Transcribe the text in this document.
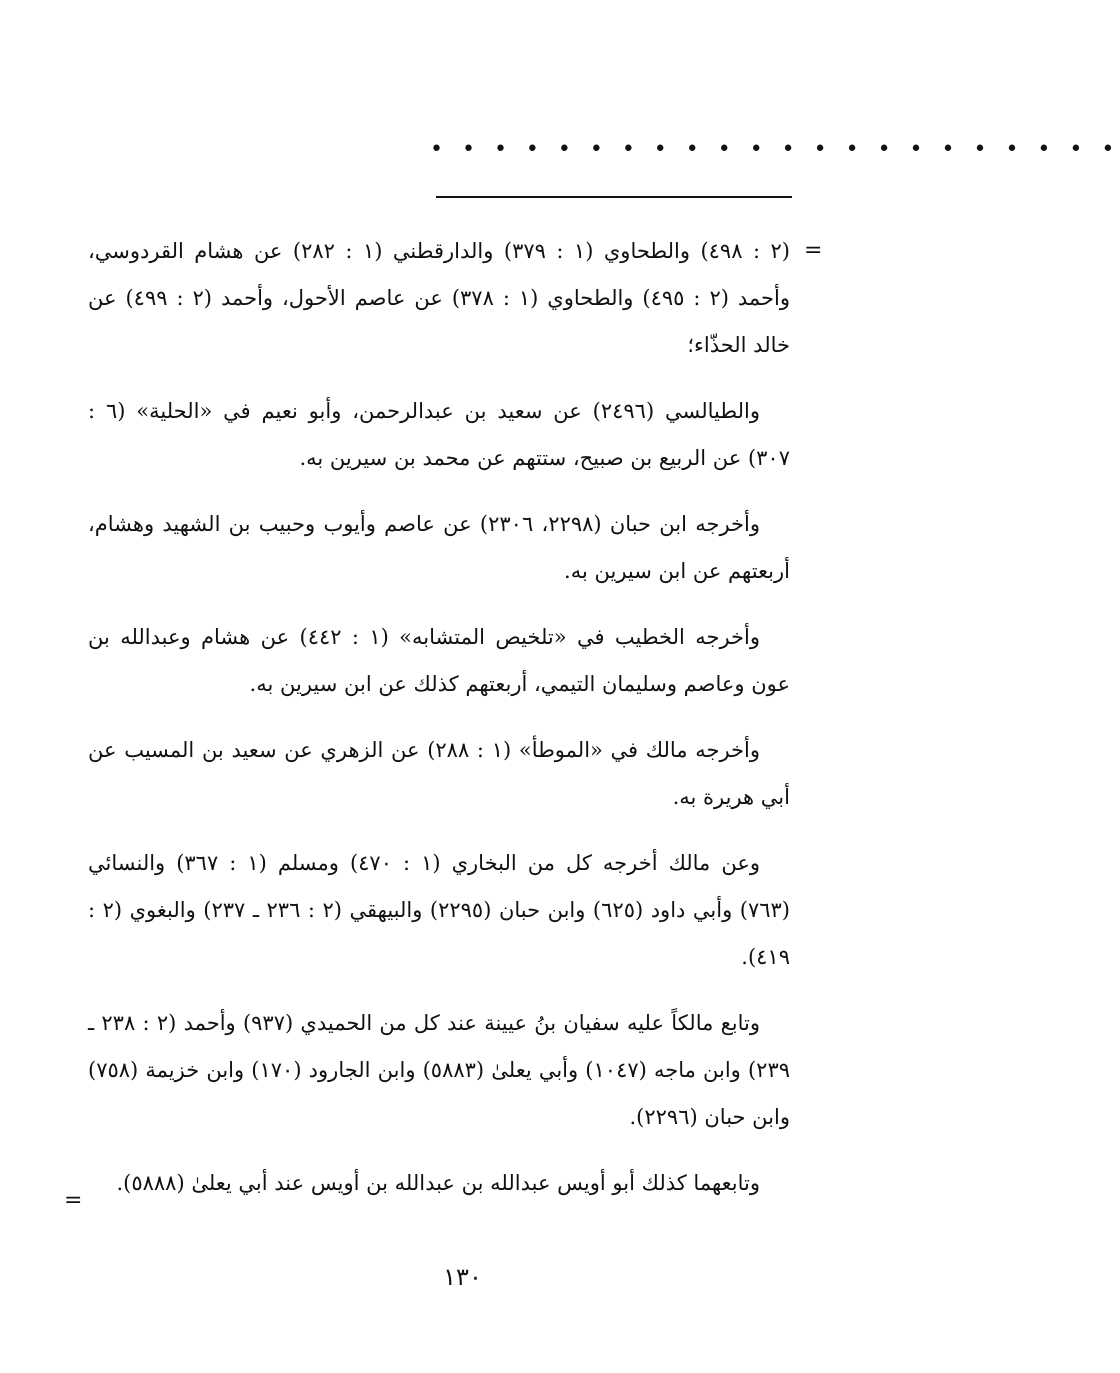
• • • • • • • • • • • • • • • • • • • • • •
=

(٢ : ٤٩٨) والطحاوي (١ : ٣٧٩) والدارقطني (١ : ٢٨٢) عن هشام القردوسي، وأحمد (٢ : ٤٩٥) والطحاوي (١ : ٣٧٨) عن عاصم الأحول، وأحمد (٢ : ٤٩٩) عن خالد الحذّاء؛

والطيالسي (٢٤٩٦) عن سعيد بن عبدالرحمن، وأبو نعيم في «الحلية» (٦ : ٣٠٧) عن الربيع بن صبيح، ستتهم عن محمد بن سيرين به.

وأخرجه ابن حبان (٢٢٩٨، ٢٣٠٦) عن عاصم وأيوب وحبيب بن الشهيد وهشام، أربعتهم عن ابن سيرين به.

وأخرجه الخطيب في «تلخيص المتشابه» (١ : ٤٤٢) عن هشام وعبدالله بن عون وعاصم وسليمان التيمي، أربعتهم كذلك عن ابن سيرين به.

وأخرجه مالك في «الموطأ» (١ : ٢٨٨) عن الزهري عن سعيد بن المسيب عن أبي هريرة به.

وعن مالك أخرجه كل من البخاري (١ : ٤٧٠) ومسلم (١ : ٣٦٧) والنسائي (٧٦٣) وأبي داود (٦٢٥) وابن حبان (٢٢٩٥) والبيهقي (٢ : ٢٣٦ ـ ٢٣٧) والبغوي (٢ : ٤١٩).

وتابع مالكاً عليه سفيان بنُ عيينة عند كل من الحميدي (٩٣٧) وأحمد (٢ : ٢٣٨ ـ ٢٣٩) وابن ماجه (١٠٤٧) وأبي يعلىٰ (٥٨٨٣) وابن الجارود (١٧٠) وابن خزيمة (٧٥٨) وابن حبان (٢٢٩٦).

وتابعهما كذلك أبو أويس عبدالله بن عبدالله بن أويس عند أبي يعلىٰ (٥٨٨٨).

=
١٣٠
